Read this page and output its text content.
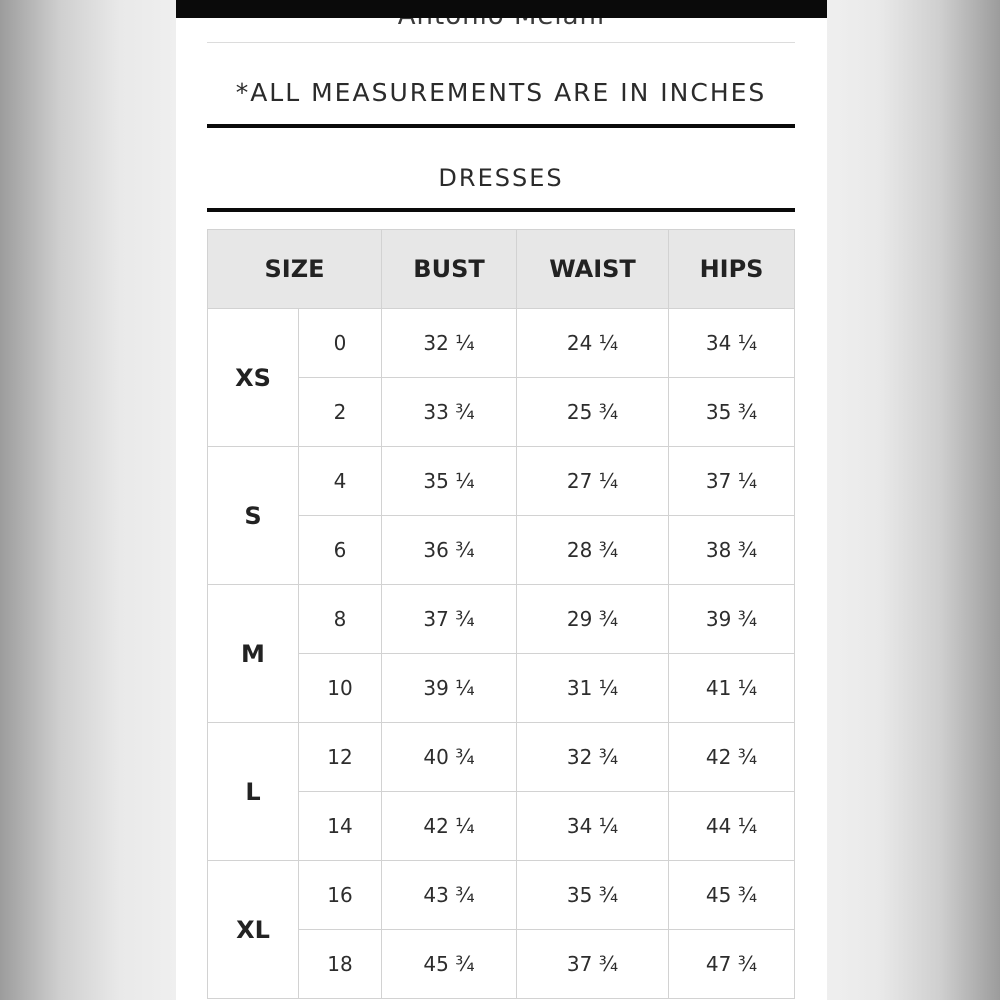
*ALL MEASUREMENTS ARE IN INCHES
DRESSES
SIZE		BUST	WAIST	HIPS
XS	0	32 ¼	24 ¼	34 ¼
	2	33 ¾	25 ¾	35 ¾
S	4	35 ¼	27 ¼	37 ¼
	6	36 ¾	28 ¾	38 ¾
M	8	37 ¾	29 ¾	39 ¾
	10	39 ¼	31 ¼	41 ¼
L	12	40 ¾	32 ¾	42 ¾
	14	42 ¼	34 ¼	44 ¼
XL	16	43 ¾	35 ¾	45 ¾
	18	45 ¾	37 ¾	47 ¾
